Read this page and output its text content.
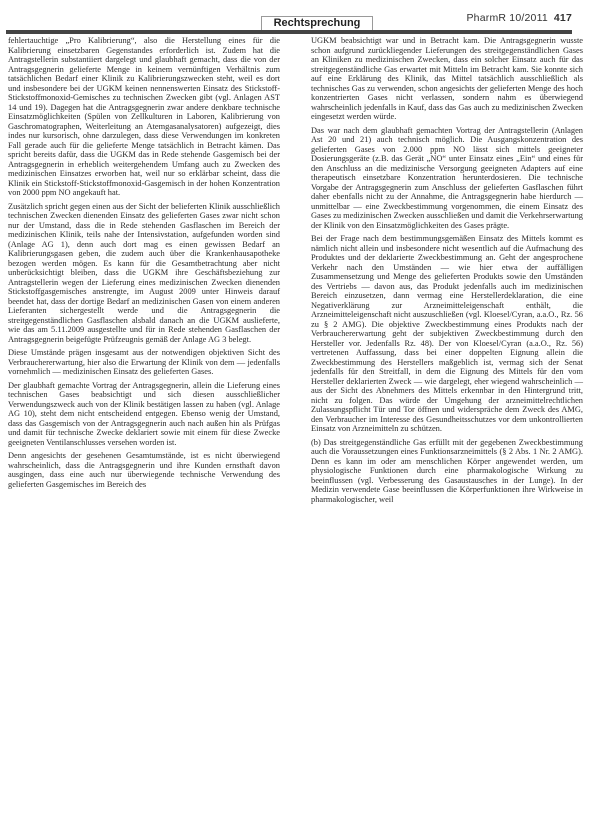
Rechtsprechung	PharmR 10/2011 417

fehlertauchtige „Pro Kalibrierung“, also die Herstellung eines für die Kalibrierung einsetzbaren Gegenstandes erforderlich ist. Zudem hat die Antragstellerin substantiiert dargelegt und glaubhaft gemacht, dass die von der Antragsgegnerin gelieferte Menge in keinem vernünftigen Verhältnis zum tatsächlichen Bedarf einer Klinik zu Kalibrierungszwecken steht, weil es dort und insbesondere bei der UGKM keinen nennenswerten Einsatz des Stickstoff-Stickstoffmonoxid-Gemisches zu technischen Zwecken gibt (vgl. Anlagen AST 14 und 19). Dagegen hat die Antragsgegnerin zwar andere denkbare technische Einsatzmöglichkeiten (Spülen von Zellkulturen in Laboren, Kalibrierung von Gaschromatographen, Weiterleitung an Atemgasanalysatoren) aufgezeigt, dies indes nur kursorisch, ohne darzulegen, dass diese Verwendungen im konkreten Fall gerade auch für die gelieferte Menge tatsächlich in Betracht kämen. Das spricht bereits dafür, dass die UGKM das in Rede stehende Gasgemisch bei der Antragsgegnerin in erheblich weitergehendem Umfang auch zu Zwecken des medizinischen Einsatzes erworben hat, weil nur so erklärbar scheint, dass die Klinik ein Stickstoff-Stickstoffmonoxid-Gasgemisch in der hohen Konzentration von 2000 ppm NO angekauft hat.

Zusätzlich spricht gegen einen aus der Sicht der belieferten Klinik ausschließlich technischen Zwecken dienenden Einsatz des gelieferten Gases zwar nicht schon nur der Umstand, dass die in Rede stehenden Gasflaschen im Bereich der medizinischen Klinik, teils nahe der Intensivstation, aufgefunden worden sind (Anlage AG 1), denn auch dort mag es einen gewissen Bedarf an Kalibrierungsgasen geben, die zudem auch über die Krankenhausapotheke bezogen werden mögen. Es kann für die Gesamtbetrachtung aber nicht unberücksichtigt bleiben, dass die UGKM ihre Geschäftsbeziehung zur Antragstellerin wegen der Lieferung eines medizinischen Zwecken dienenden Stickstoffgasgemisches anstrengte, im August 2009 unter Hinweis darauf beendet hat, dass der dortige Bedarf an medizinischen Gasen von einem anderen Lieferanten sichergestellt werde und die Antragsgegnerin die streitgegenständlichen Gasflaschen alsbald danach an die UGKM auslieferte, wie das am 5.11.2009 ausgestellte und für in Rede stehenden Gasflaschen der Antragsgegnerin beigefügte Prüfzeugnis gemäß der Anlage AG 3 belegt.

Diese Umstände prägen insgesamt aus der notwendigen objektiven Sicht des Verbrauchererwartung, hier also die Erwartung der Klinik von dem — jedenfalls vornehmlich — medizinischen Einsatz des gelieferten Gases.

Der glaubhaft gemachte Vortrag der Antragsgegnerin, allein die Lieferung eines technischen Gases beabsichtigt und sich diesen ausschließlicher Verwendungszweck auch von der Klinik bestätigen lassen zu haben (vgl. Anlage AG 10), steht dem nicht entscheidend entgegen. Ebenso wenig der Umstand, dass das Gasgemisch von der Antragsgegnerin auch nach außen hin als Prüfgas und damit für technische Zwecke deklariert sowie mit einem für diese Zwecke geeigneten Ventilanschlusses versehen worden ist.

Denn angesichts der gesehenen Gesamtumstände, ist es nicht überwiegend wahrscheinlich, dass die Antragsgegnerin und ihre Kunden ernsthaft davon ausgingen, dass eine auch nur überwiegende technische Verwendung des gelieferten Gasgemisches im Bereich des

UGKM beabsichtigt war und in Betracht kam. Die Antragsgegnerin wusste schon aufgrund zurückliegender Lieferungen des streitgegenständlichen Gases an Kliniken zu medizinischen Zwecken, dass ein solcher Einsatz auch für das streitgegenständliche Gas erwartet mit Mitteln im Betracht kam. Sie konnte sich auf eine Erklärung des Klinik, das Mittel tatsächlich ausschließlich als technisches Gas zu verwenden, schon angesichts der gelieferten Menge des hoch konzentrierten Gases nicht verlassen, sondern nahm es überwiegend wahrscheinlich jedenfalls in Kauf, dass das Gas auch zu medizinischen Zwecken eingesetzt werden würde.

Das war nach dem glaubhaft gemachten Vortrag der Antragstellerin (Anlagen Ast 20 und 21) auch technisch möglich. Die Ausgangskonzentration des gelieferten Gases von 2.000 ppm NO lässt sich mittels geeigneter Dosierungsgeräte (z.B. das Gerät „NO“ unter Einsatz eines „Ein“ und eines für den Anschluss an die medizinische Versorgung geeigneten Adapters auf eine therapeutisch einsetzbare Konzentration herunterdosieren. Die technische Vorgabe der Antragsgegnerin zum Anschluss der gelieferten Gasflaschen führt daher ebenfalls nicht zu der Annahme, die Antragsgegnerin habe hierdurch — unmittelbar — eine Zweckbestimmung vorgenommen, die einem Einsatz des Gases zu medizinischen Zwecken ausschließen und damit die Verkehrserwartung der Klinik von den Einsatzmöglichkeiten des Gases prägte.

Bei der Frage nach dem bestimmungsgemäßen Einsatz des Mittels kommt es nämlich nicht allein und insbesondere nicht wesentlich auf die Aufmachung des Produktes und der deklarierte Zweckbestimmung an. Geht der angesprochene Verkehr nach den Umständen — wie hier etwa der auffälligen Zusammensetzung und Menge des gelieferten Produkts sowie den Umständen des Vertriebs — davon aus, das Produkt jedenfalls auch im medizinischen Bereich einzusetzen, dann vermag eine Herstellerdeklaration, die eine Negativerklärung zur Arzneimitteleigenschaft enthält, die Arzneimitteleigenschaft nicht auszuschließen (vgl. Kloesel/Cyran, a.a.O., Rz. 56 zu § 2 AMG). Die objektive Zweckbestimmung eines Produkts nach der Verbrauchererwartung geht der subjektiven Zweckbestimmung durch den Hersteller vor. Jedenfalls Rz. 48). Der von Kloesel/Cyran (a.a.O., Rz. 56) vertretenen Auffassung, dass bei einer doppelten Eignung allein die Zweckbestimmung des Herstellers maßgeblich ist, vermag sich der Senat jedenfalls für den Streitfall, in dem die Eignung des Mittels für den vom Hersteller deklarierten Zweck — wie dargelegt, eher wiegend wahrscheinlich — aus der Sicht des Abnehmers des Mittels erkennbar in den Hintergrund tritt, nicht zu folgen. Das würde der Umgehung der arzneimittelrechtlichen Zulassungspflicht Tür und Tor öffnen und widerspräche dem Zweck des AMG, den Verbraucher im Interesse des Gesundheitsschutzes vor dem unkontrollierten Einsatz von Arzneimitteln zu schützen.

(b) Das streitgegenständliche Gas erfüllt mit der gegebenen Zweckbestimmung auch die Voraussetzungen eines Funktionsarzneimittels (§ 2 Abs. 1 Nr. 2 AMG). Denn es kann im oder am menschlichen Körper angewendet werden, um physiologische Funktionen durch eine pharmakologische Wirkung zu beeinflussen (vgl. Verbesserung des Gasaustausches in der Lunge). In der Medizin verwendete Gase beeinflussen die Körperfunktionen ihre Wirkweise in pharmakologischer, weil
